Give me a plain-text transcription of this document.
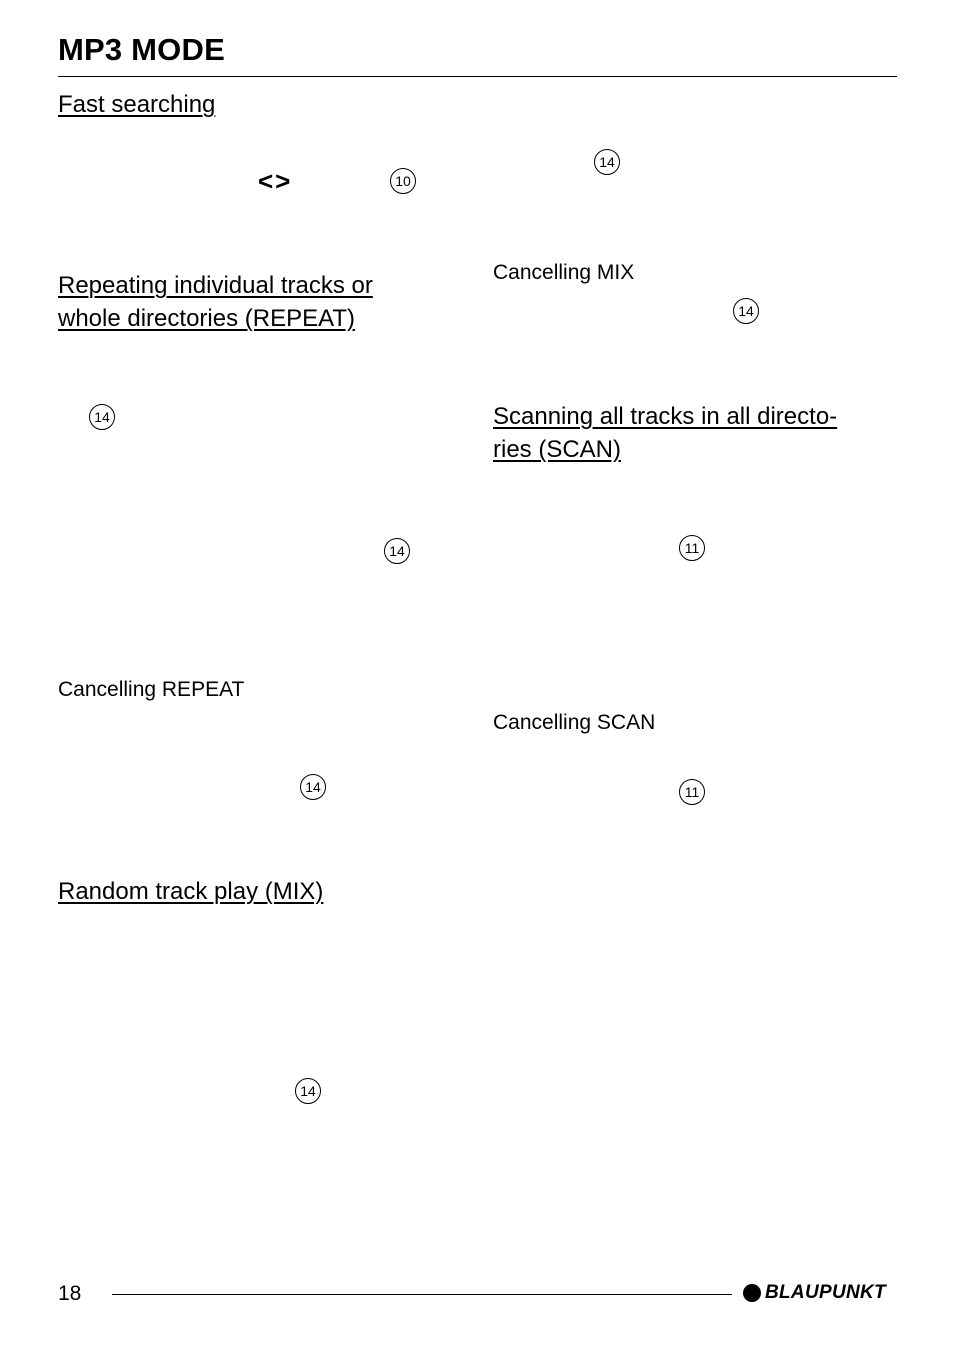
MP3 MODE
Fast searching
<>	10
Repeating individual tracks or
whole directories (REPEAT)
14
14
Cancelling REPEAT
14
Random track play (MIX)
14
14
Cancelling MIX
14
Scanning all tracks in all directo-
ries (SCAN)
11
Cancelling SCAN
11
18	BLAUPUNKT
